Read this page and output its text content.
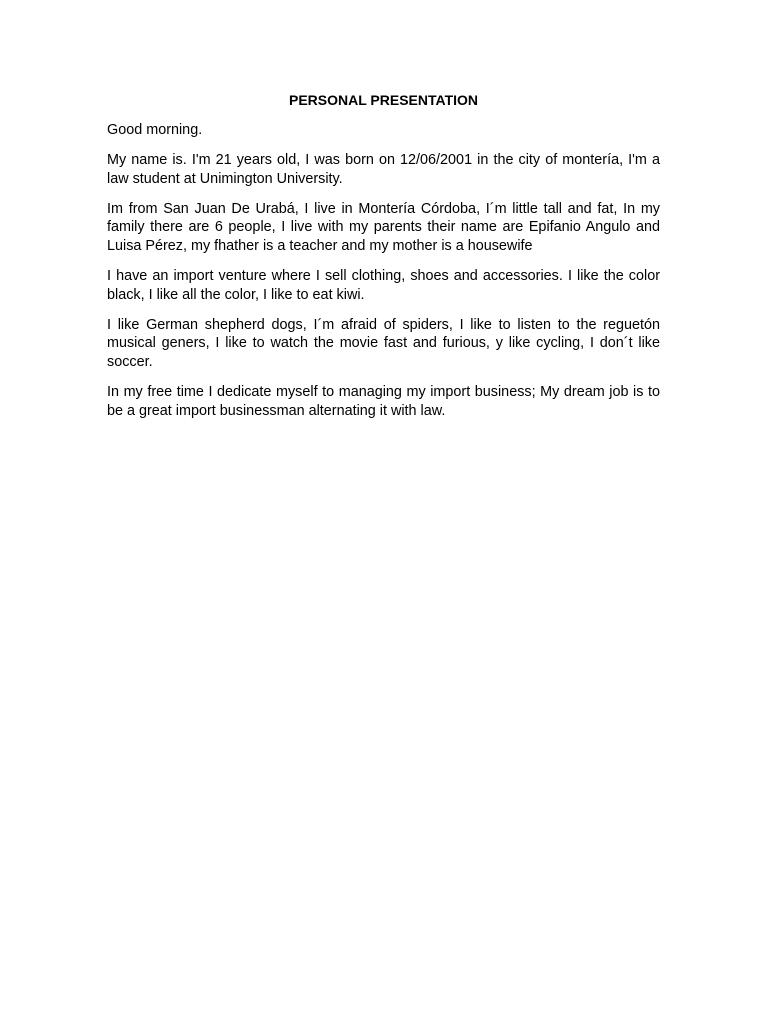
PERSONAL PRESENTATION

Good morning.

My name is. I'm 21 years old, I was born on 12/06/2001 in the city of montería, I'm a law student at Unimington University.

Im from San Juan De Urabá, I live in Montería Córdoba, I´m little tall and fat, In my family there are 6 people, I live with my parents their name are Epifanio Angulo and Luisa Pérez, my fhather is a teacher and my mother is a housewife

I have an import venture where I sell clothing, shoes and accessories. I like the color black, I like all the color, I like to eat kiwi.

I like German shepherd dogs, I´m afraid of spiders, I like to listen to the reguetón musical geners, I like to watch the movie fast and furious, y like cycling, I don´t like soccer.

In my free time I dedicate myself to managing my import business; My dream job is to be a great import businessman alternating it with law.
